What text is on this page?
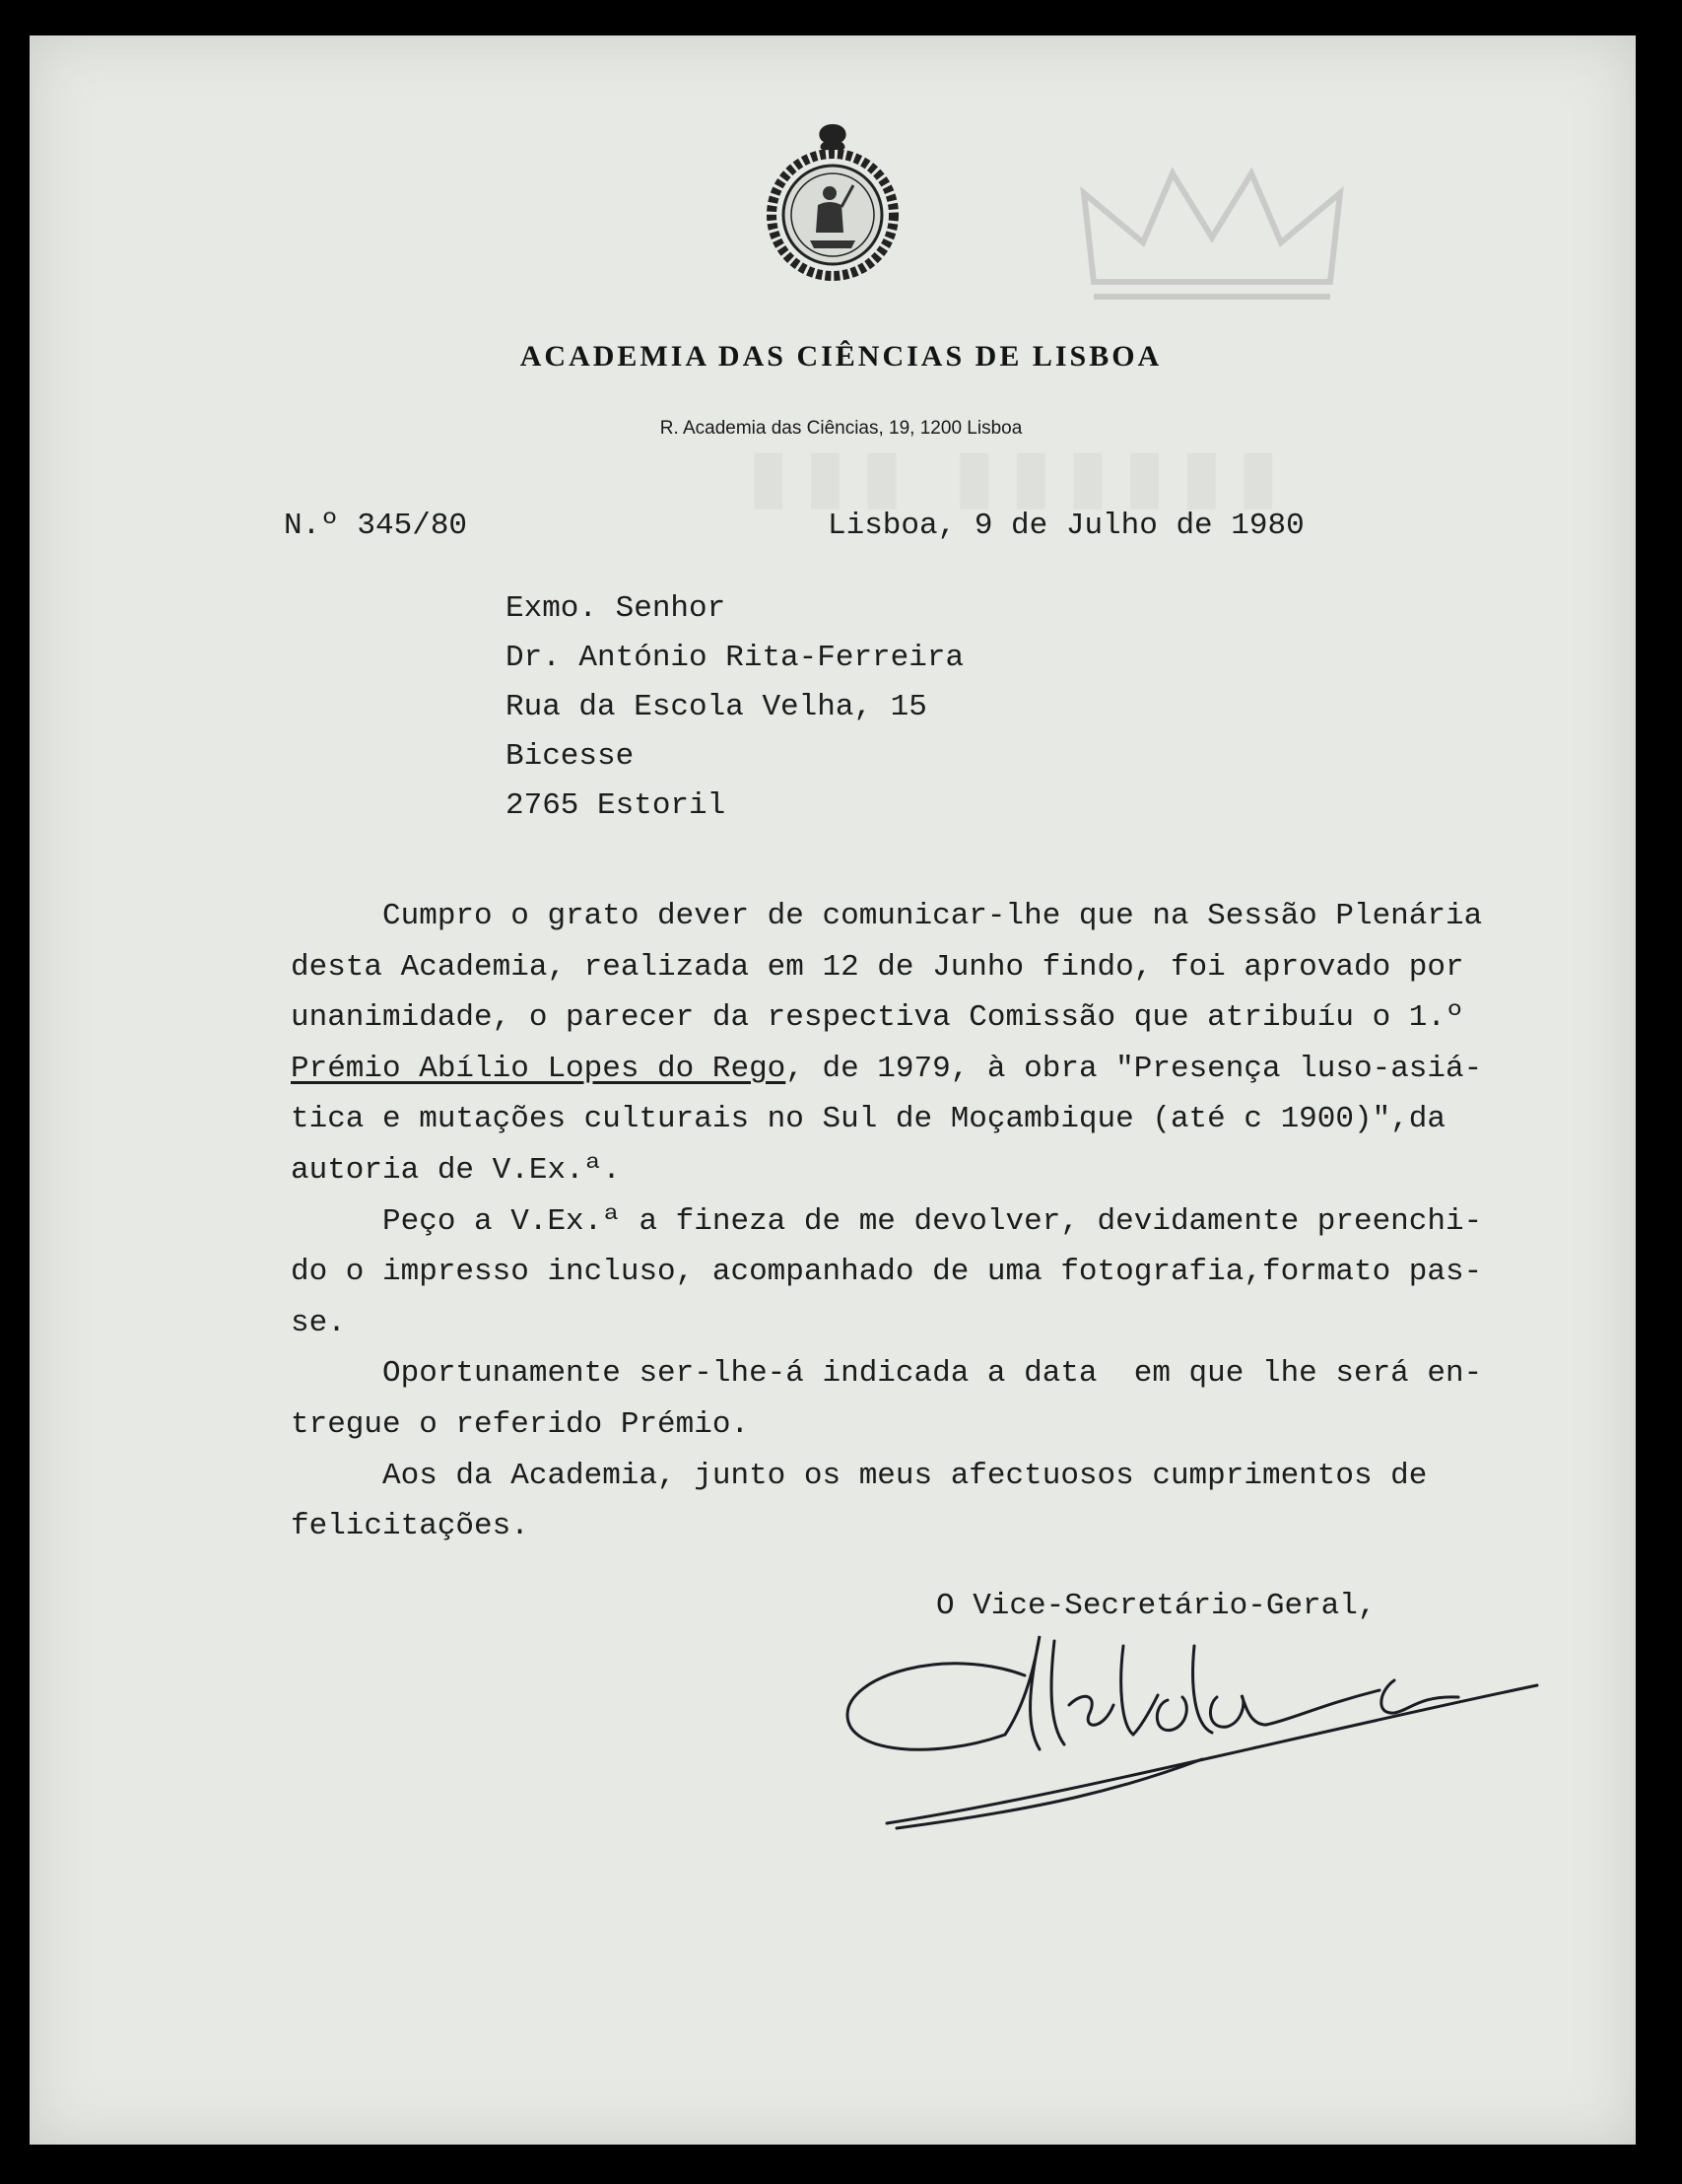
ACADEMIA DAS CIÊNCIAS DE LISBOA
R. Academia das Ciências, 19, 1200 Lisboa
N.º 345/80	Lisboa, 9 de Julho de 1980
Exmo. Senhor
Dr. António Rita-Ferreira
Rua da Escola Velha, 15
Bicesse
2765 Estoril
Cumpro o grato dever de comunicar-lhe que na Sessão Plenária
desta Academia, realizada em 12 de Junho findo, foi aprovado por
unanimidade, o parecer da respectiva Comissão que atribuíu o 1.º
Prémio Abílio Lopes do Rego, de 1979, à obra "Presença luso-asiá-
tica e mutações culturais no Sul de Moçambique (até c 1900)",da
autoria de V.Ex.ª.
Peço a V.Ex.ª a fineza de me devolver, devidamente preenchi-
do o impresso incluso, acompanhado de uma fotografia,formato pas-
se.
Oportunamente ser-lhe-á indicada a data  em que lhe será en-
tregue o referido Prémio.
Aos da Academia, junto os meus afectuosos cumprimentos de
felicitações.
O Vice-Secretário-Geral,
